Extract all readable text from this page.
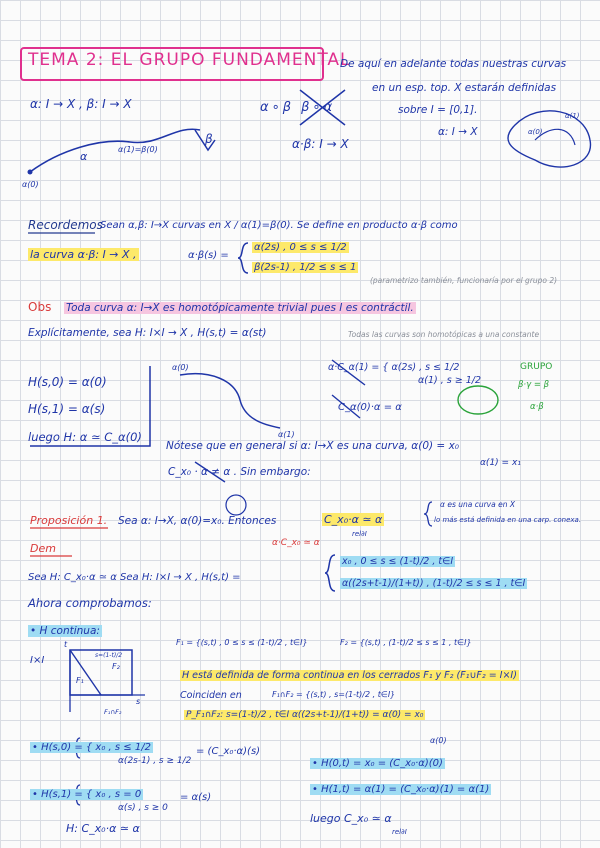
TEMA 2: EL GRUPO FUNDAMENTAL
De aquí en adelante todas nuestras curvas
en un esp. top. X estarán definidas
sobre I = [0,1].
α: I → X
α: I → X , β: I → X
α
β
α(1)=β(0)
α(0)
α∘β β∘α
α·β: I → X
α(1)
α(0)
Recordemos
Sean α,β: I→X curvas en X / α(1)=β(0). Se define en producto α·β como
la curva α·β: I → X ,	α·β(s) =
α(2s) , 0 ≤ s ≤ 1/2
β(2s-1) , 1/2 ≤ s ≤ 1
(parametrizo también, funcionaría por el grupo 2)
Obs Toda curva α: I→X es homotópicamente trivial pues I es contráctil.
Explícitamente, sea H: I×I → X , H(s,t) = α(st)	Todas las curvas son homotópicas a una constante
H(s,0) = α(0)
H(s,1) = α(s)
luego H: α ≃ C_α(0)
α(0)
α(1)
α·C_α(1) = { α(2s) , s ≤ 1/2
α(1) , s ≥ 1/2
C_α(0)·α = α
GRUPO
β·γ = β
α·β
Nótese que en general si α: I→X es una curva, α(0) = x₀
α(1) = x₁
C_x₀ · α ≠ α . Sin embargo:
Proposición 1. Sea α: I→X, α(0)=x₀. Entonces	C_x₀·α ≃ α
rel∂I
α es una curva en X
lo más está definida en una carp. conexa.
Dem	α·C_x₀ ≃ α
Sea H: C_x₀·α ≃ α Sea H: I×I → X , H(s,t) =
x₀ , 0 ≤ s ≤ (1-t)/2 , t∈I
α((2s+t-1)/(1+t)) , (1-t)/2 ≤ s ≤ 1 , t∈I
Ahora comprobamos:
• H continua:
I×I
t
s
F₁
F₂
F₁∩F₂
s=(1-t)/2
F₁ = {(s,t) , 0 ≤ s ≤ (1-t)/2 , t∈I}	F₂ = {(s,t) , (1-t)/2 ≤ s ≤ 1 , t∈I}
H está definida de forma continua en los cerrados F₁ y F₂ (F₁∪F₂ = I×I)
Coinciden en	F₁∩F₂ = {(s,t) , s=(1-t)/2 , t∈I}
P_F₁∩F₂: s=(1-t)/2 , t∈I α((2s+t-1)/(1+t)) = α(0) = x₀
• H(s,0) = { x₀ , s ≤ 1/2
α(2s-1) , s ≥ 1/2
= (C_x₀·α)(s)
• H(s,1) = { x₀ , s = 0
α(s) , s ≥ 0
= α(s)
• H(0,t) = x₀ = (C_x₀·α)(0)
α(0)
• H(1,t) = α(1) = (C_x₀·α)(1) = α(1)
H: C_x₀·α ≃ α
luego C_x₀ ≃ α
rel∂I
